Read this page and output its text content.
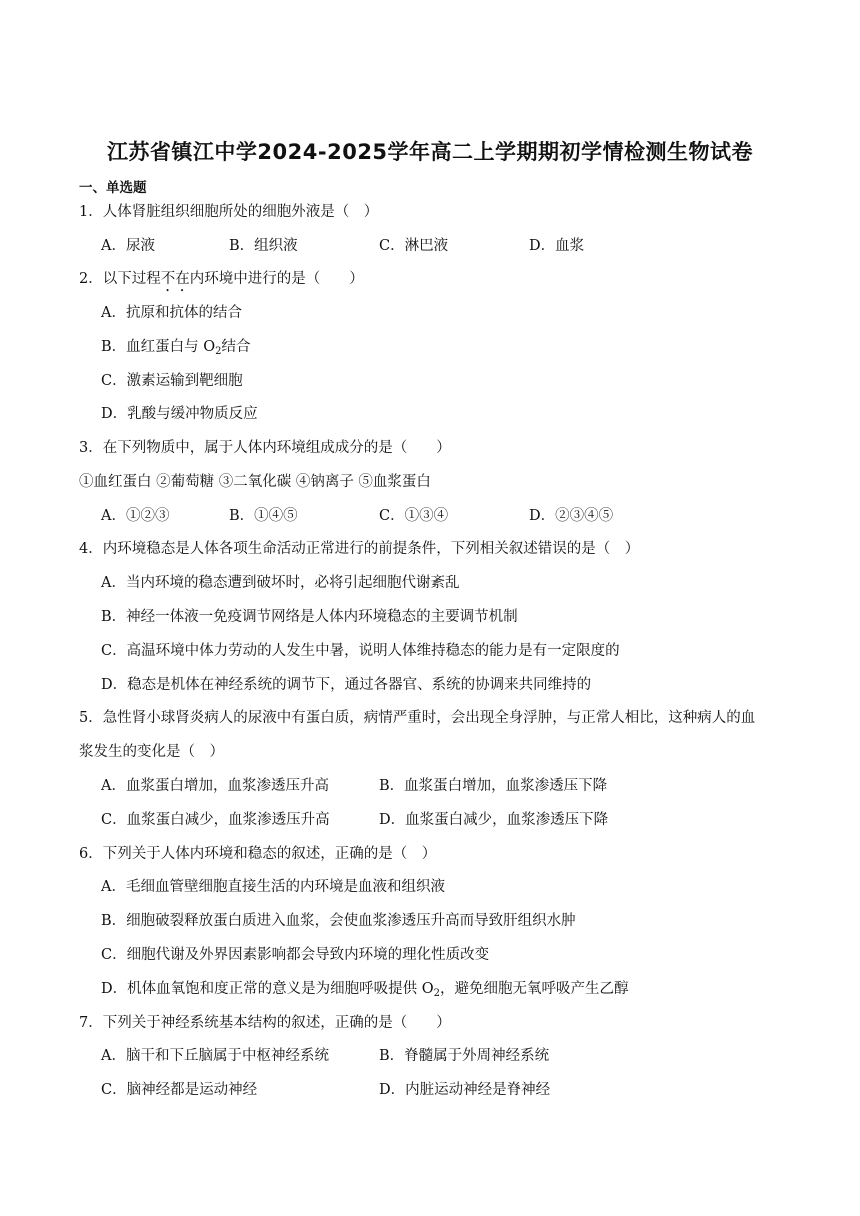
江苏省镇江中学2024-2025学年高二上学期期初学情检测生物试卷
一、单选题
1．人体肾脏组织细胞所处的细胞外液是（　）
A．尿液	B．组织液	C．淋巴液	D．血浆
2．以下过程不在内环境中进行的是（　　）
A．抗原和抗体的结合
B．血红蛋白与 $O_2$结合
C．激素运输到靶细胞
D．乳酸与缓冲物质反应
3．在下列物质中，属于人体内环境组成成分的是（　　）
①血红蛋白 ②葡萄糖 ③二氧化碳 ④钠离子 ⑤血浆蛋白
A．①②③	B．①④⑤	C．①③④	D．②③④⑤
4．内环境稳态是人体各项生命活动正常进行的前提条件，下列相关叙述错误的是（　）
A．当内环境的稳态遭到破坏时，必将引起细胞代谢紊乱
B．神经一体液一免疫调节网络是人体内环境稳态的主要调节机制
C．高温环境中体力劳动的人发生中暑，说明人体维持稳态的能力是有一定限度的
D．稳态是机体在神经系统的调节下，通过各器官、系统的协调来共同维持的
5．急性肾小球肾炎病人的尿液中有蛋白质，病情严重时，会出现全身浮肿，与正常人相比，这种病人的血
浆发生的变化是（　）
A．血浆蛋白增加，血浆渗透压升高	B．血浆蛋白增加，血浆渗透压下降
C．血浆蛋白减少，血浆渗透压升高	D．血浆蛋白减少，血浆渗透压下降
6．下列关于人体内环境和稳态的叙述，正确的是（　）
A．毛细血管壁细胞直接生活的内环境是血液和组织液
B．细胞破裂释放蛋白质进入血浆，会使血浆渗透压升高而导致肝组织水肿
C．细胞代谢及外界因素影响都会导致内环境的理化性质改变
D．机体血氧饱和度正常的意义是为细胞呼吸提供 $O_2$，避免细胞无氧呼吸产生乙醇
7．下列关于神经系统基本结构的叙述，正确的是（　　）
A．脑干和下丘脑属于中枢神经系统	B．脊髓属于外周神经系统
C．脑神经都是运动神经	D．内脏运动神经是脊神经
